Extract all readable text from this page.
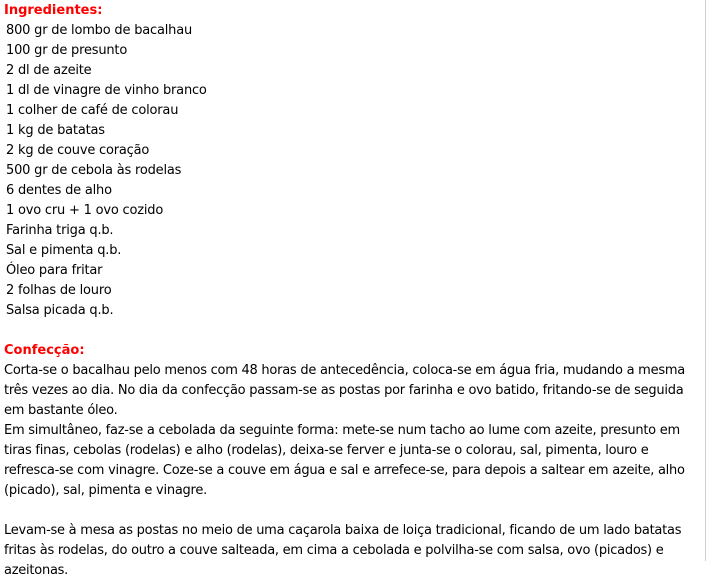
Ingredientes:
800 gr de lombo de bacalhau
100 gr de presunto
2 dl de azeite
1 dl de vinagre de vinho branco
1 colher de café de colorau
1 kg de batatas
2 kg de couve coração
500 gr de cebola às rodelas
6 dentes de alho
1 ovo cru + 1 ovo cozido
Farinha triga q.b.
Sal e pimenta q.b.
Óleo para fritar
2 folhas de louro
Salsa picada q.b.
Confecção:

Corta-se o bacalhau pelo menos com 48 horas de antecedência, coloca-se em água fria, mudando a mesma três vezes ao dia. No dia da confecção passam-se as postas por farinha e ovo batido, fritando-se de seguida em bastante óleo.

Em simultâneo, faz-se a cebolada da seguinte forma: mete-se num tacho ao lume com azeite, presunto em tiras finas, cebolas (rodelas) e alho (rodelas), deixa-se ferver e junta-se o colorau, sal, pimenta, louro e refresca-se com vinagre. Coze-se a couve em água e sal e arrefece-se, para depois a saltear em azeite, alho (picado), sal, pimenta e vinagre.

Levam-se à mesa as postas no meio de uma caçarola baixa de loiça tradicional, ficando de um lado batatas fritas às rodelas, do outro a couve salteada, em cima a cebolada e polvilha-se com salsa, ovo (picados) e azeitonas.
